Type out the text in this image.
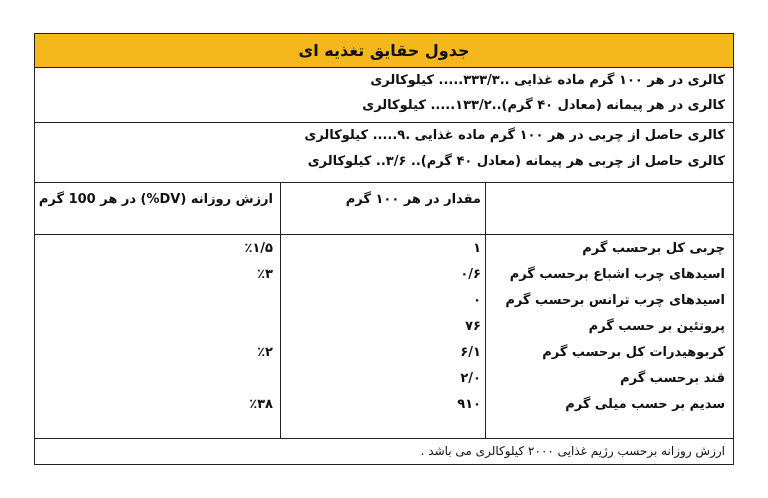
جدول حقایق تغذیه ای
کالری در هر ۱۰۰ گرم ماده غذایی ..۳۳۳/۳..... کیلوکالری
کالری در هر پیمانه (معادل ۴۰ گرم)..۱۳۳/۲..... کیلوکالری
کالری حاصل از چربی در هر ۱۰۰ گرم ماده غذایی .۹..... کیلوکالری
کالری حاصل از چربی هر پیمانه (معادل ۴۰ گرم).. ۳/۶.. کیلوکالری
مقدار در هر ۱۰۰ گرم
ارزش روزانه (DV%) در هر 100 گرم
چربی کل برحسب گرم
۱
٪۱/۵
اسیدهای چرب اشباع برحسب گرم
۰/۶
٪۳
اسیدهای چرب ترانس برحسب گرم
۰
پروتئین بر حسب گرم
۷۶
کربوهیدرات کل برحسب گرم
۶/۱
٪۲
قند برحسب گرم
۲/۰
سدیم بر حسب میلی گرم
۹۱۰
٪۳۸
ارزش روزانه برحسب رژیم غذایی ۲۰۰۰ کیلوکالری می باشد .
